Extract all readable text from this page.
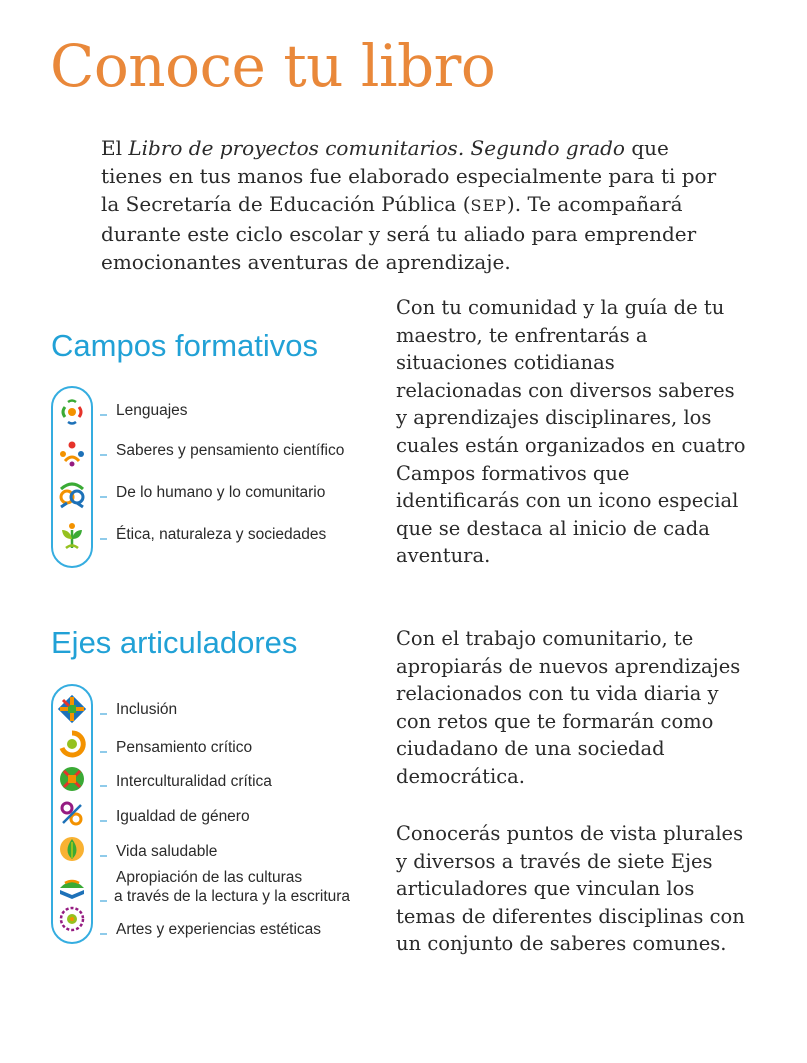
Conoce tu libro

El Libro de proyectos comunitarios. Segundo grado que tienes en tus manos fue elaborado especialmente para ti por la Secretaría de Educación Pública (SEP). Te acompañará durante este ciclo escolar y será tu aliado para emprender emocionantes aventuras de aprendizaje.

Campos formativos

Con tu comunidad y la guía de tu maestro, te enfrentarás a situaciones cotidianas relacionadas con diversos saberes y aprendizajes disciplinares, los cuales están organizados en cuatro Campos formativos que identificarás con un icono especial que se destaca al inicio de cada aventura.

Lenguajes

Saberes y pensamiento científico

De lo humano y lo comunitario

Ética, naturaleza y sociedades

Ejes articuladores	Con el trabajo comunitario, te apropiarás de nuevos aprendizajes relacionados con tu vida diaria y con retos que te formarán como ciudadano de una sociedad democrática.

Conocerás puntos de vista plurales y diversos a través de siete Ejes articuladores que vinculan los temas de diferentes disciplinas con un conjunto de saberes comunes.

Inclusión

Pensamiento crítico

Interculturalidad crítica

Igualdad de género

Vida saludable

Apropiación de las culturas
a través de la lectura y la escritura

Artes y experiencias estéticas
